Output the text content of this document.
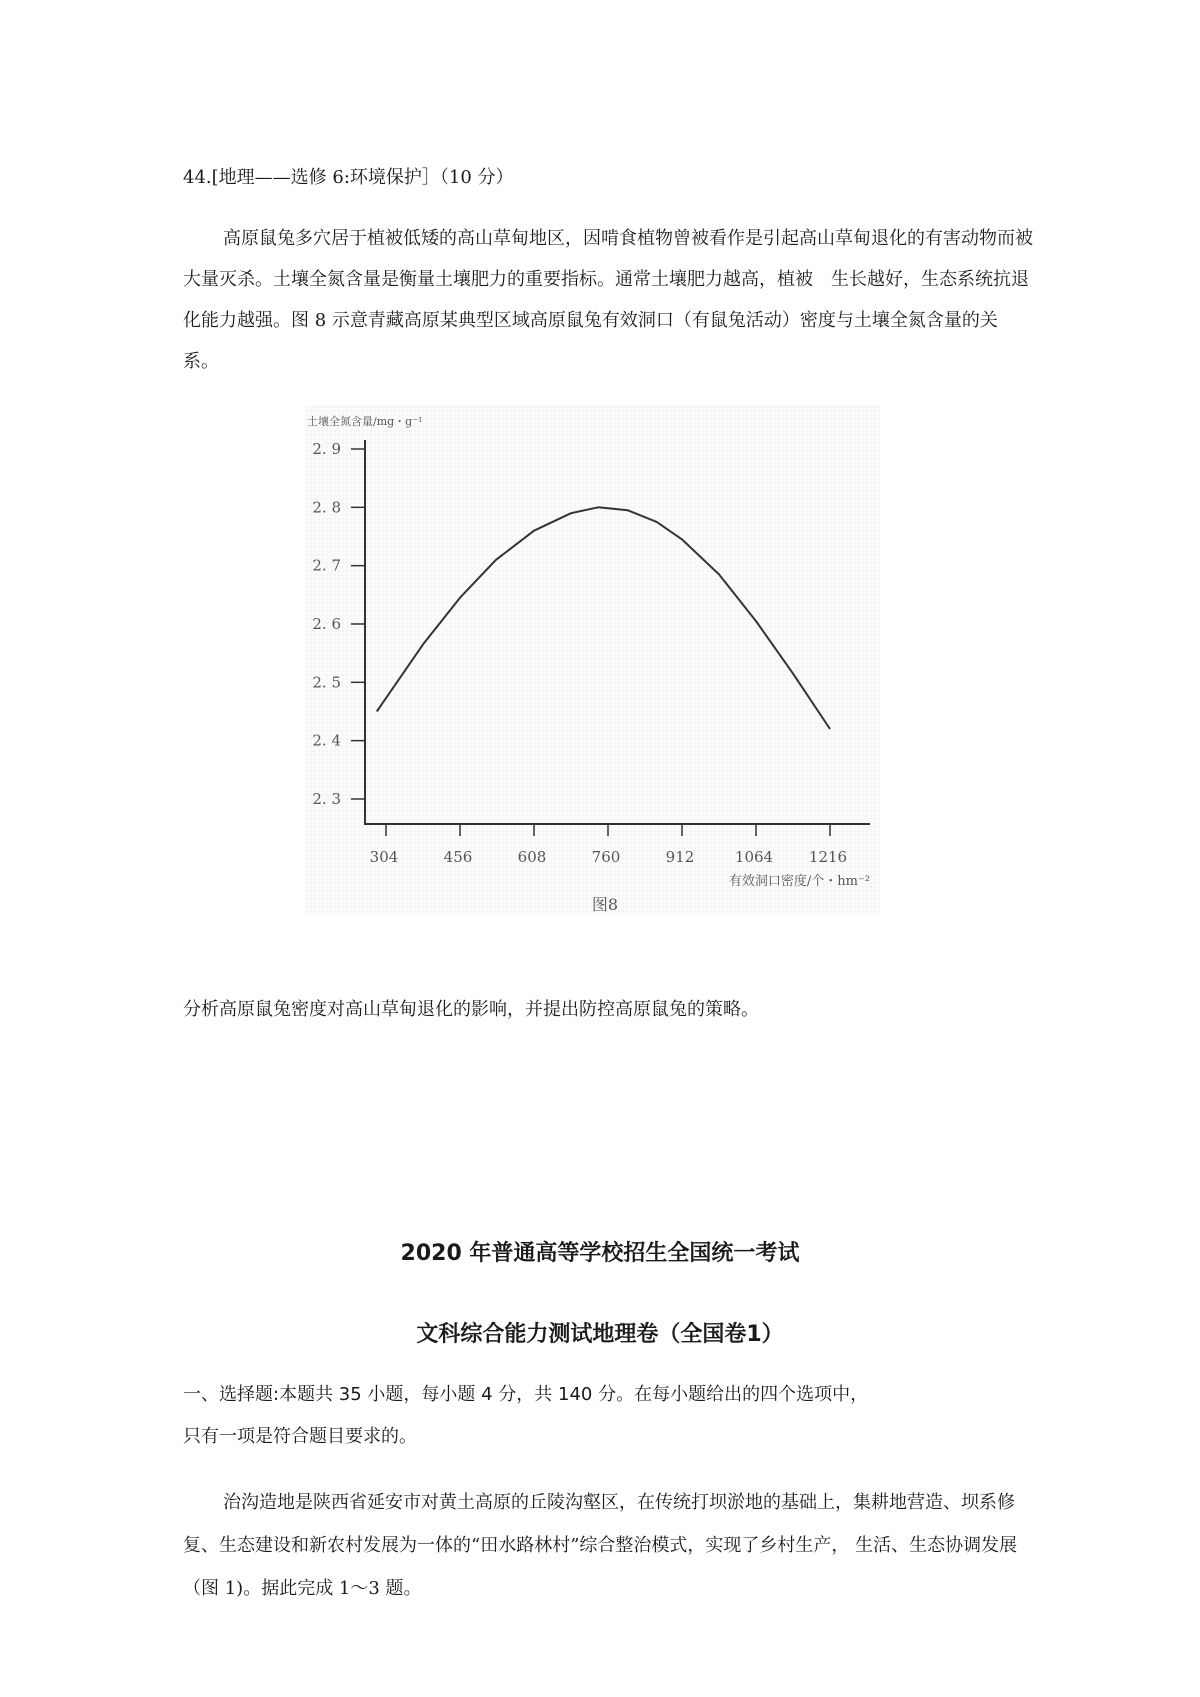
44.[地理——选修 6:环境保护］（10 分）
高原鼠兔多穴居于植被低矮的高山草甸地区，因啃食植物曾被看作是引起高山草甸退化的有害动物而被大量灭杀。土壤全氮含量是衡量土壤肥力的重要指标。通常土壤肥力越高，植被　生长越好，生态系统抗退化能力越强。图 8 示意青藏高原某典型区域高原鼠兔有效洞口（有鼠兔活动）密度与土壤全氮含量的关系。
土壤全氮含量/mg・g⁻¹
2. 3
2. 4
2. 5
2. 6
2. 7
2. 8
2. 9
304	456	608	760	912	1064 1216
有效洞口密度/个・hm⁻²
图8
分析高原鼠兔密度对高山草甸退化的影响，并提出防控高原鼠兔的策略。
2020 年普通高等学校招生全国统一考试
文科综合能力测试地理卷（全国卷1）
一、选择题:本题共 35 小题，每小题 4 分，共 140 分。在每小题给出的四个选项中，
只有一项是符合题目要求的。
治沟造地是陕西省延安市对黄土高原的丘陵沟壑区，在传统打坝淤地的基础上，集耕地营造、坝系修复、生态建设和新农村发展为一体的“田水路林村”综合整治模式，实现了乡村生产， 生活、生态协调发展（图 1)。据此完成 1～3 题。
